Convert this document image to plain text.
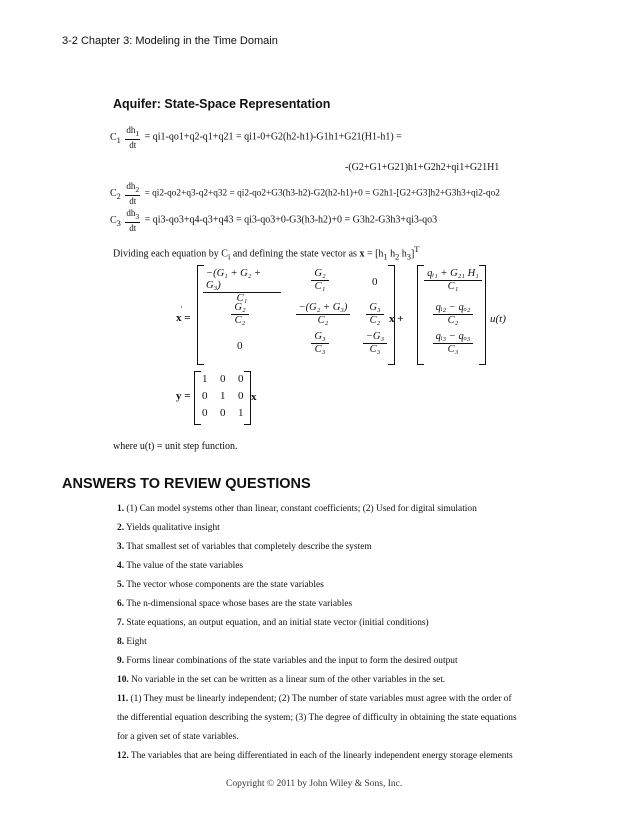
3-2 Chapter 3: Modeling in the Time Domain
Aquifer: State-Space Representation
$C_1 \frac{dh_1}{dt} = qi1-qo1+q2-q1+q21 = qi1-0+G2(h2-h1)-G1h1+G21(H1-h1)$ =
-(G2+G1+G21)h1+G2h2+qi1+G21H1
$C_2 \frac{dh_2}{dt} = qi2-qo2+q3-q2+q32 = qi2-qo2+G3(h3-h2)-G2(h2-h1)+0 = G2h1-[G2+G3]h2+G3h3+qi2-qo2$
$C_3 \frac{dh_3}{dt} = qi3-qo3+q4-q3+q43 = qi3-qo3+0-G3(h3-h2)+0 = G3h2-G3h3+qi3-qo3$
Dividing each equation by $C_i$ and defining the state vector as $x = [h_1$ $h_2$ $h_3]^T$
x =
·
−(G₁ + G₂ + G₃)
C₁
G₂
C₁	0
G₂
C₂
−(G₂ + G₃)
C₂
G₃
C₂
0
G₃
C₃
−G₃
C₃
x +
qᵢ₁ + G₂₁ H₁
C₁
qᵢ₂ − qₒ₂
C₂
qᵢ₃ − qₒ₃
C₃
u(t)
y =
1 0 0
0 1 0
0 0 1
x
where u(t) = unit step function.
ANSWERS TO REVIEW QUESTIONS
1. (1) Can model systems other than linear, constant coefficients; (2) Used for digital simulation
2. Yields qualitative insight
3. That smallest set of variables that completely describe the system
4. The value of the state variables
5. The vector whose components are the state variables
6. The n-dimensional space whose bases are the state variables
7. State equations, an output equation, and an initial state vector (initial conditions)
8. Eight
9. Forms linear combinations of the state variables and the input to form the desired output
10. No variable in the set can be written as a linear sum of the other variables in the set.
11. (1) They must be linearly independent; (2) The number of state variables must agree with the order of
the differential equation describing the system; (3) The degree of difficulty in obtaining the state equations
for a given set of state variables.
12. The variables that are being differentiated in each of the linearly independent energy storage elements
Copyright © 2011 by John Wiley & Sons, Inc.
